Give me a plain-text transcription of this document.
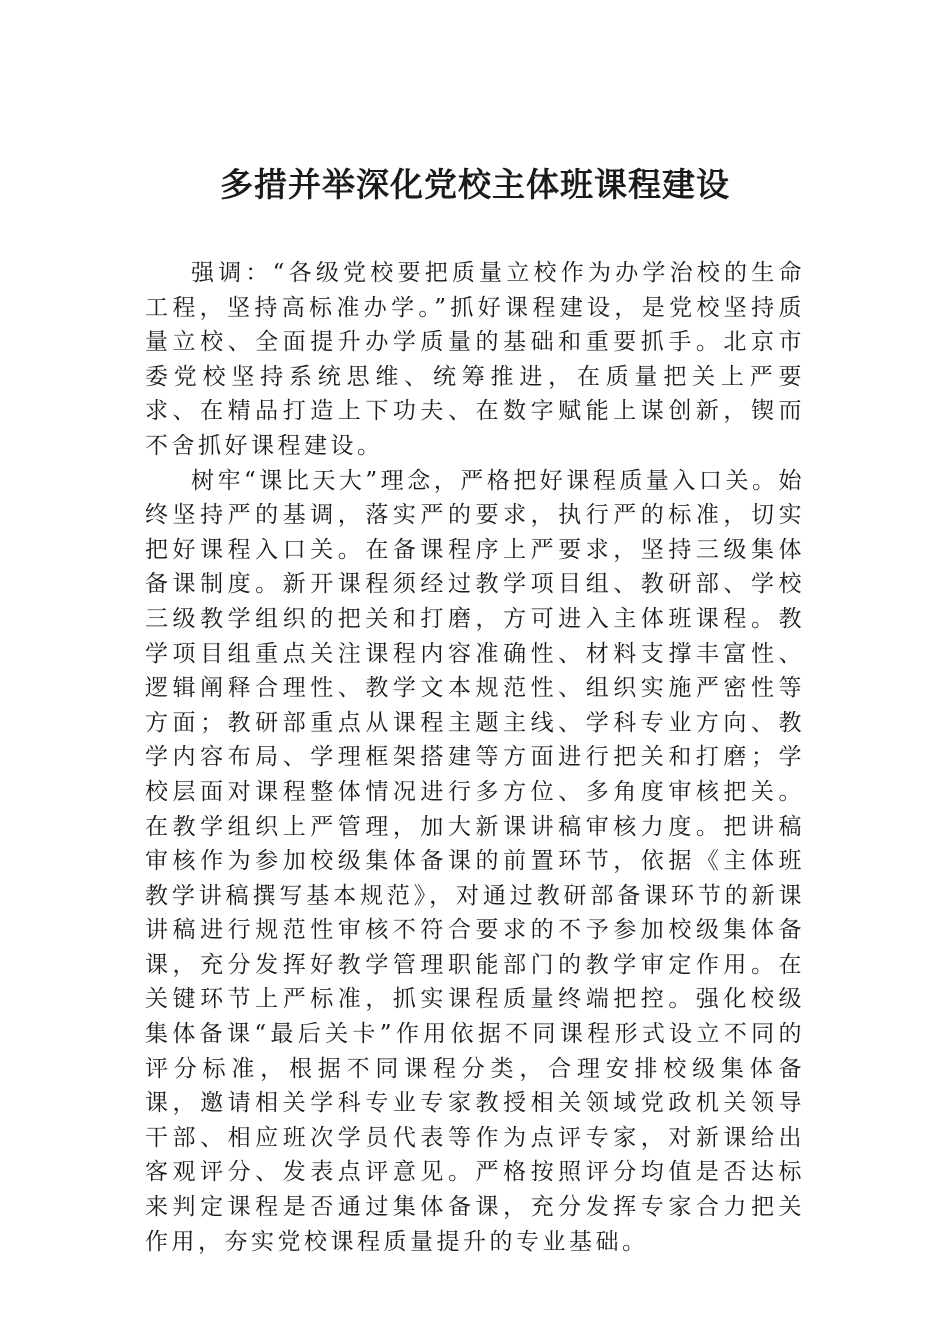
多措并举深化党校主体班课程建设

强调：“各级党校要把质量立校作为办学治校的生命工程，坚持高标准办学。”抓好课程建设，是党校坚持质量立校、全面提升办学质量的基础和重要抓手。北京市委党校坚持系统思维、统筹推进，在质量把关上严要求、在精品打造上下功夫、在数字赋能上谋创新，锲而不舍抓好课程建设。

树牢“课比天大”理念，严格把好课程质量入口关。始终坚持严的基调，落实严的要求，执行严的标准，切实把好课程入口关。在备课程序上严要求，坚持三级集体备课制度。新开课程须经过教学项目组、教研部、学校三级教学组织的把关和打磨，方可进入主体班课程。教学项目组重点关注课程内容准确性、材料支撑丰富性、逻辑阐释合理性、教学文本规范性、组织实施严密性等方面；教研部重点从课程主题主线、学科专业方向、教学内容布局、学理框架搭建等方面进行把关和打磨；学校层面对课程整体情况进行多方位、多角度审核把关。在教学组织上严管理，加大新课讲稿审核力度。把讲稿审核作为参加校级集体备课的前置环节，依据《主体班教学讲稿撰写基本规范》，对通过教研部备课环节的新课讲稿进行规范性审核不符合要求的不予参加校级集体备课，充分发挥好教学管理职能部门的教学审定作用。在关键环节上严标准，抓实课程质量终端把控。强化校级集体备课“最后关卡”作用依据不同课程形式设立不同的评分标准，根据不同课程分类，合理安排校级集体备课，邀请相关学科专业专家教授相关领域党政机关领导干部、相应班次学员代表等作为点评专家，对新课给出客观评分、发表点评意见。严格按照评分均值是否达标来判定课程是否通过集体备课，充分发挥专家合力把关作用，夯实党校课程质量提升的专业基础。
